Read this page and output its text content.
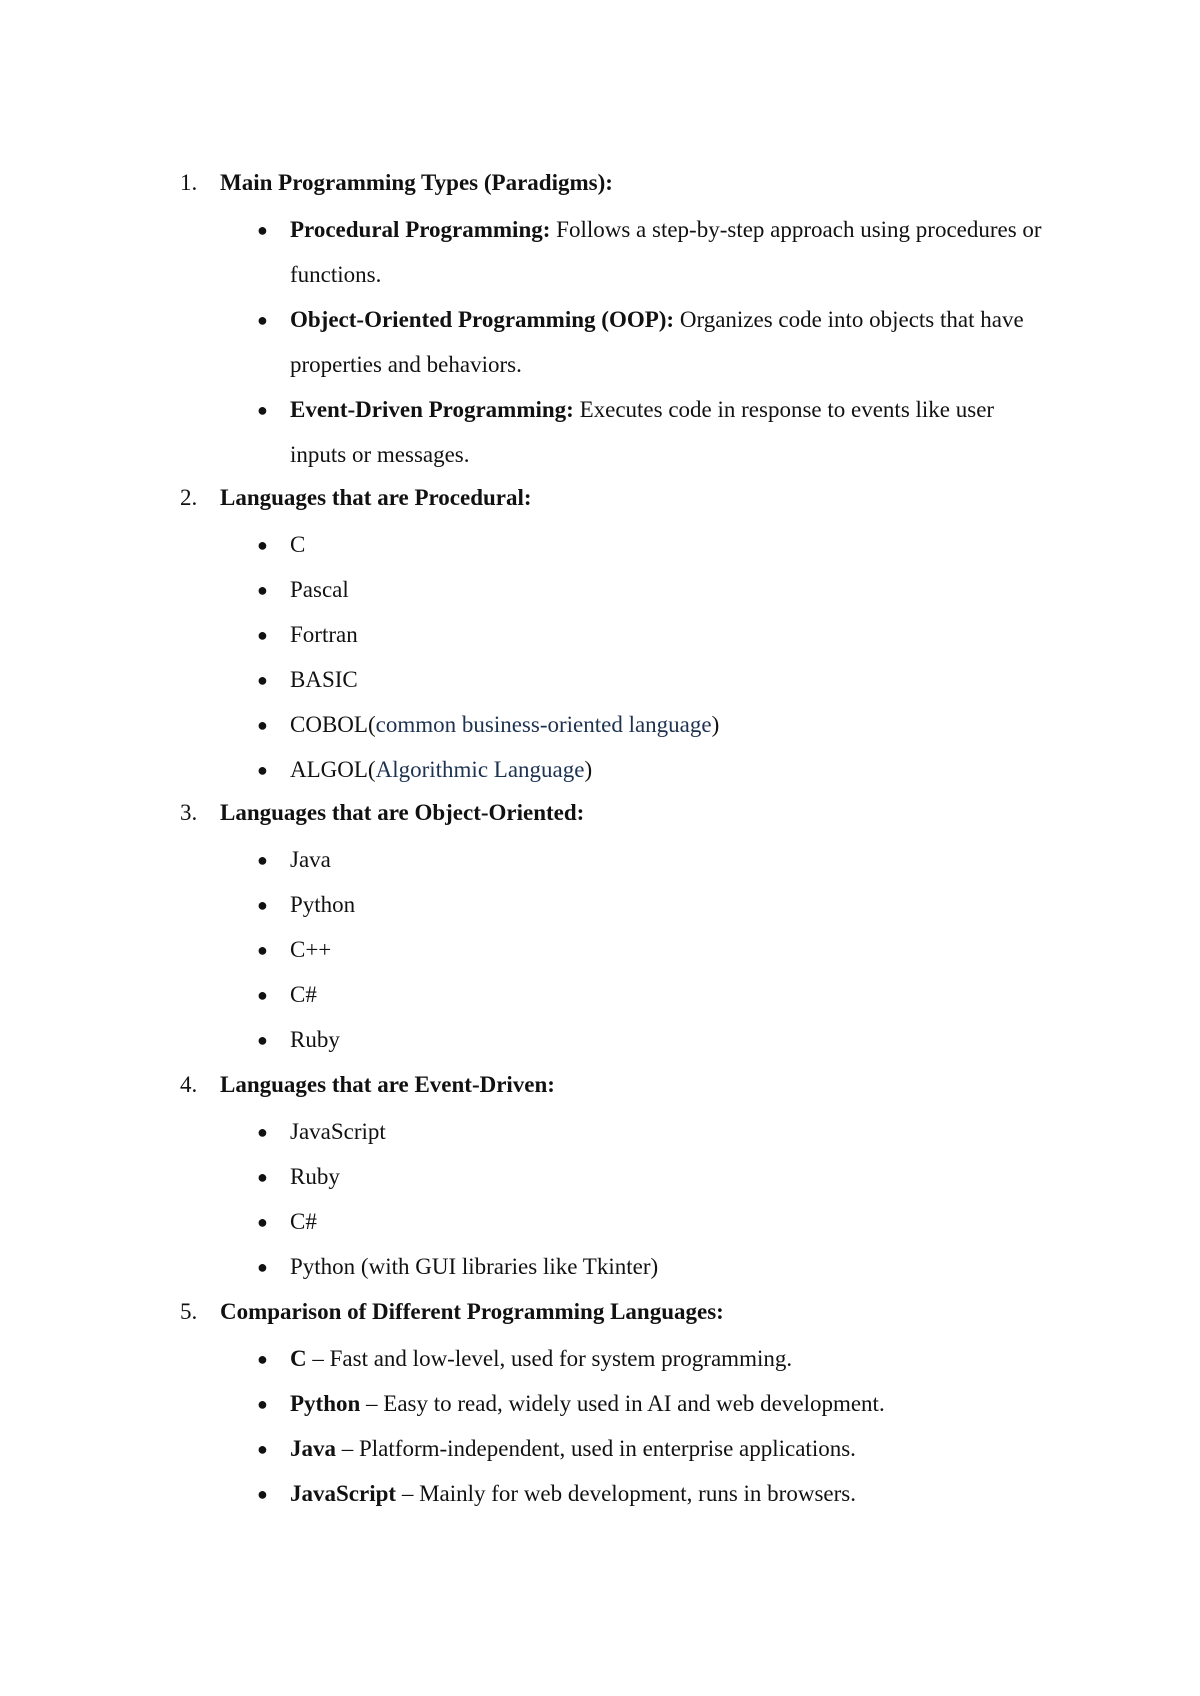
1. Main Programming Types (Paradigms):
● Procedural Programming: Follows a step-by-step approach using procedures or functions.
● Object-Oriented Programming (OOP): Organizes code into objects that have properties and behaviors.
● Event-Driven Programming: Executes code in response to events like user inputs or messages.
2. Languages that are Procedural:
● C
● Pascal
● Fortran
● BASIC
● COBOL(common business-oriented language)
● ALGOL(Algorithmic Language)
3. Languages that are Object-Oriented:
● Java
● Python
● C++
● C#
● Ruby
4. Languages that are Event-Driven:
● JavaScript
● Ruby
● C#
● Python (with GUI libraries like Tkinter)
5. Comparison of Different Programming Languages:
● C – Fast and low-level, used for system programming.
● Python – Easy to read, widely used in AI and web development.
● Java – Platform-independent, used in enterprise applications.
● JavaScript – Mainly for web development, runs in browsers.
